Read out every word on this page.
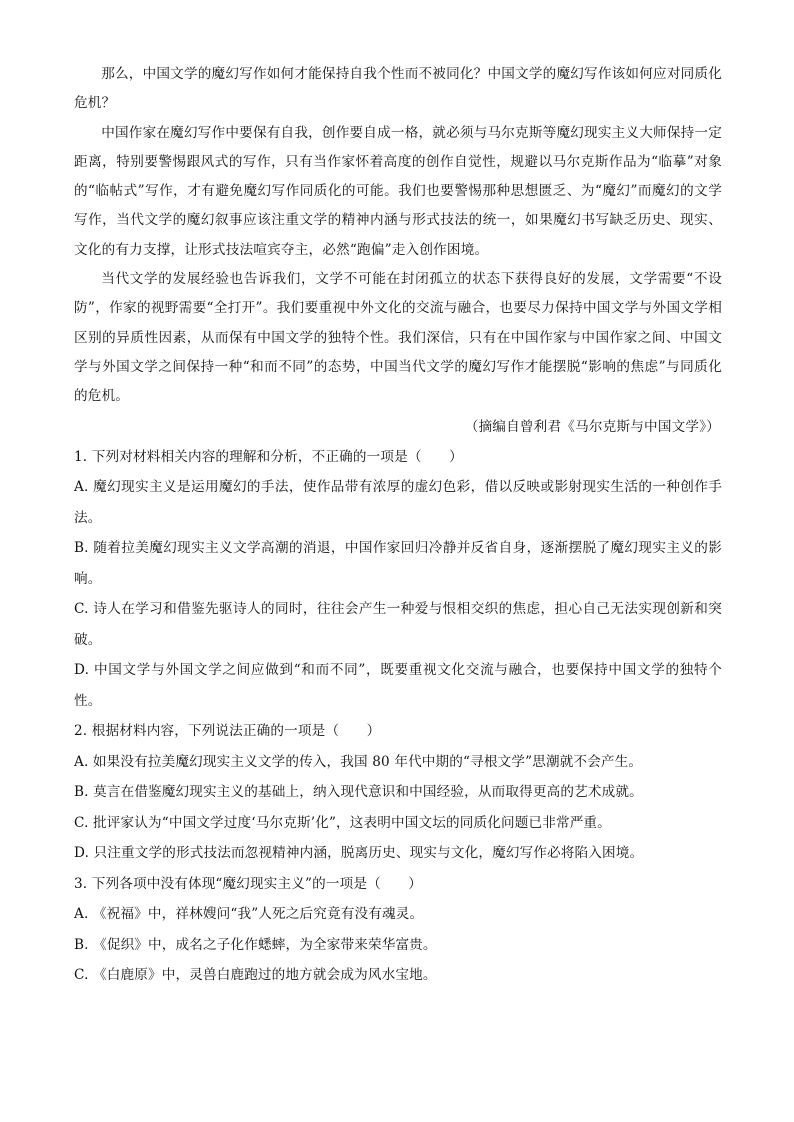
那么，中国文学的魔幻写作如何才能保持自我个性而不被同化？中国文学的魔幻写作该如何应对同质化危机？

中国作家在魔幻写作中要保有自我，创作要自成一格，就必须与马尔克斯等魔幻现实主义大师保持一定距离，特别要警惕跟风式的写作，只有当作家怀着高度的创作自觉性，规避以马尔克斯作品为“临摹”对象的“临帖式”写作，才有避免魔幻写作同质化的可能。我们也要警惕那种思想匮乏、为“魔幻”而魔幻的文学写作，当代文学的魔幻叙事应该注重文学的精神内涵与形式技法的统一，如果魔幻书写缺乏历史、现实、文化的有力支撑，让形式技法喧宾夺主，必然“跑偏”走入创作困境。

当代文学的发展经验也告诉我们，文学不可能在封闭孤立的状态下获得良好的发展，文学需要“不设防”，作家的视野需要“全打开”。我们要重视中外文化的交流与融合，也要尽力保持中国文学与外国文学相区别的异质性因素，从而保有中国文学的独特个性。我们深信，只有在中国作家与中国作家之间、中国文学与外国文学之间保持一种“和而不同”的态势，中国当代文学的魔幻写作才能摆脱“影响的焦虑”与同质化的危机。

（摘编自曾利君《马尔克斯与中国文学》）

1. 下列对材料相关内容的理解和分析，不正确的一项是（　　）

A. 魔幻现实主义是运用魔幻的手法，使作品带有浓厚的虚幻色彩，借以反映或影射现实生活的一种创作手法。

B. 随着拉美魔幻现实主义文学高潮的消退，中国作家回归冷静并反省自身，逐渐摆脱了魔幻现实主义的影响。

C. 诗人在学习和借鉴先驱诗人的同时，往往会产生一种爱与恨相交织的焦虑，担心自己无法实现创新和突破。

D. 中国文学与外国文学之间应做到“和而不同”，既要重视文化交流与融合，也要保持中国文学的独特个性。

2. 根据材料内容，下列说法正确的一项是（　　）

A. 如果没有拉美魔幻现实主义文学的传入，我国 80 年代中期的“寻根文学”思潮就不会产生。

B. 莫言在借鉴魔幻现实主义的基础上，纳入现代意识和中国经验，从而取得更高的艺术成就。

C. 批评家认为“中国文学过度‘马尔克斯’化”，这表明中国文坛的同质化问题已非常严重。

D. 只注重文学的形式技法而忽视精神内涵，脱离历史、现实与文化，魔幻写作必将陷入困境。

3. 下列各项中没有体现“魔幻现实主义”的一项是（　　）

A. 《祝福》中，祥林嫂问“我”人死之后究竟有没有魂灵。

B. 《促织》中，成名之子化作蟋蟀，为全家带来荣华富贵。

C. 《白鹿原》中，灵兽白鹿跑过的地方就会成为风水宝地。
